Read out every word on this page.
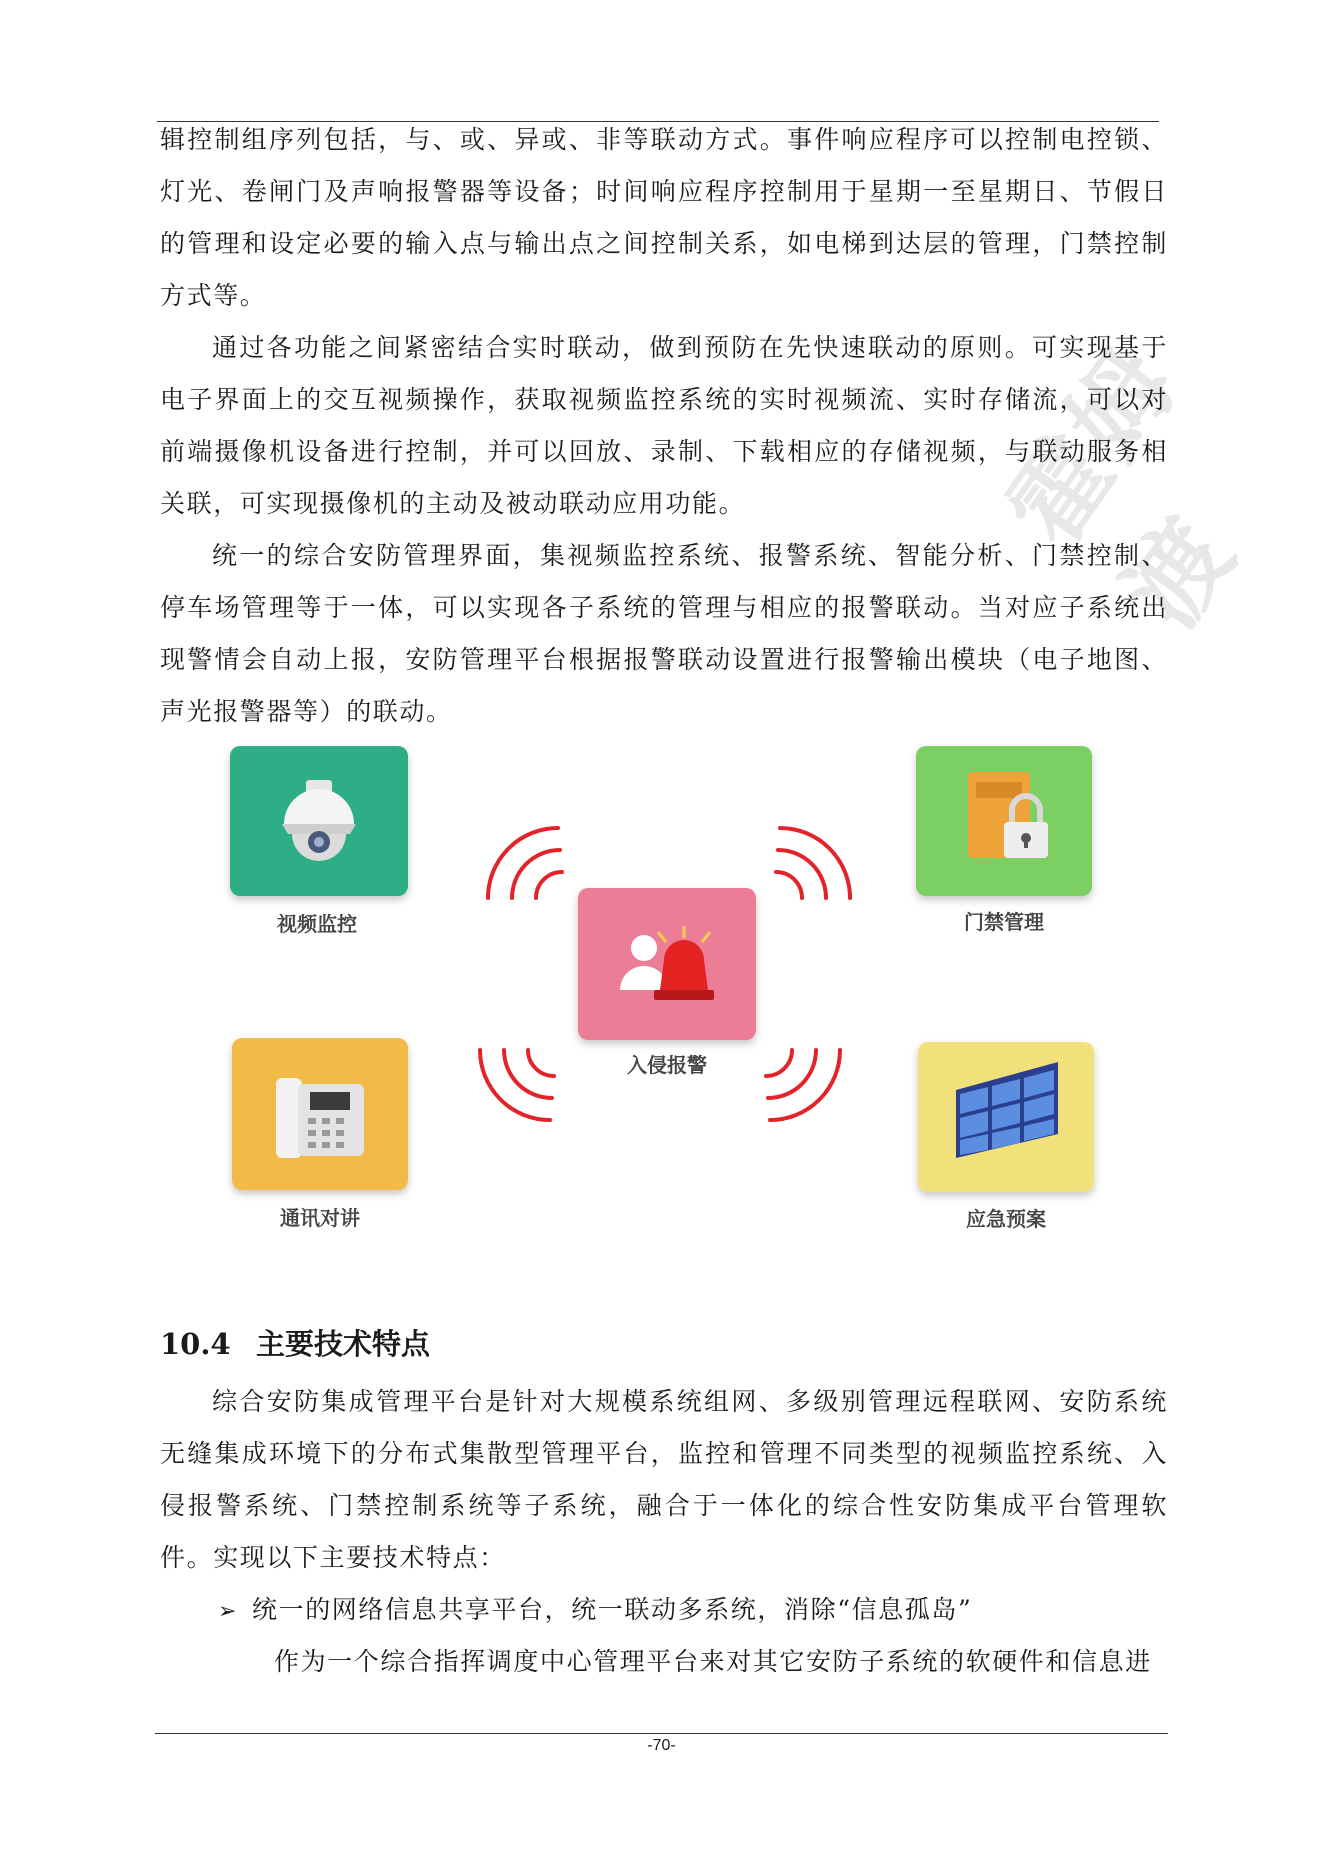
霍姆渡

辑控制组序列包括，与、或、异或、非等联动方式。事件响应程序可以控制电控锁、灯光、卷闸门及声响报警器等设备；时间响应程序控制用于星期一至星期日、节假日的管理和设定必要的输入点与输出点之间控制关系，如电梯到达层的管理，门禁控制方式等。

通过各功能之间紧密结合实时联动，做到预防在先快速联动的原则。可实现基于电子界面上的交互视频操作，获取视频监控系统的实时视频流、实时存储流，可以对前端摄像机设备进行控制，并可以回放、录制、下载相应的存储视频，与联动服务相关联，可实现摄像机的主动及被动联动应用功能。

统一的综合安防管理界面，集视频监控系统、报警系统、智能分析、门禁控制、停车场管理等于一体，可以实现各子系统的管理与相应的报警联动。当对应子系统出现警情会自动上报，安防管理平台根据报警联动设置进行报警输出模块（电子地图、声光报警器等）的联动。

视频监控	门禁管理
入侵报警
通讯对讲	应急预案
10.4 主要技术特点

综合安防集成管理平台是针对大规模系统组网、多级别管理远程联网、安防系统无缝集成环境下的分布式集散型管理平台，监控和管理不同类型的视频监控系统、入侵报警系统、门禁控制系统等子系统，融合于一体化的综合性安防集成平台管理软件。实现以下主要技术特点：

➢ 统一的网络信息共享平台，统一联动多系统，消除“信息孤岛”
作为一个综合指挥调度中心管理平台来对其它安防子系统的软硬件和信息进
-70-
